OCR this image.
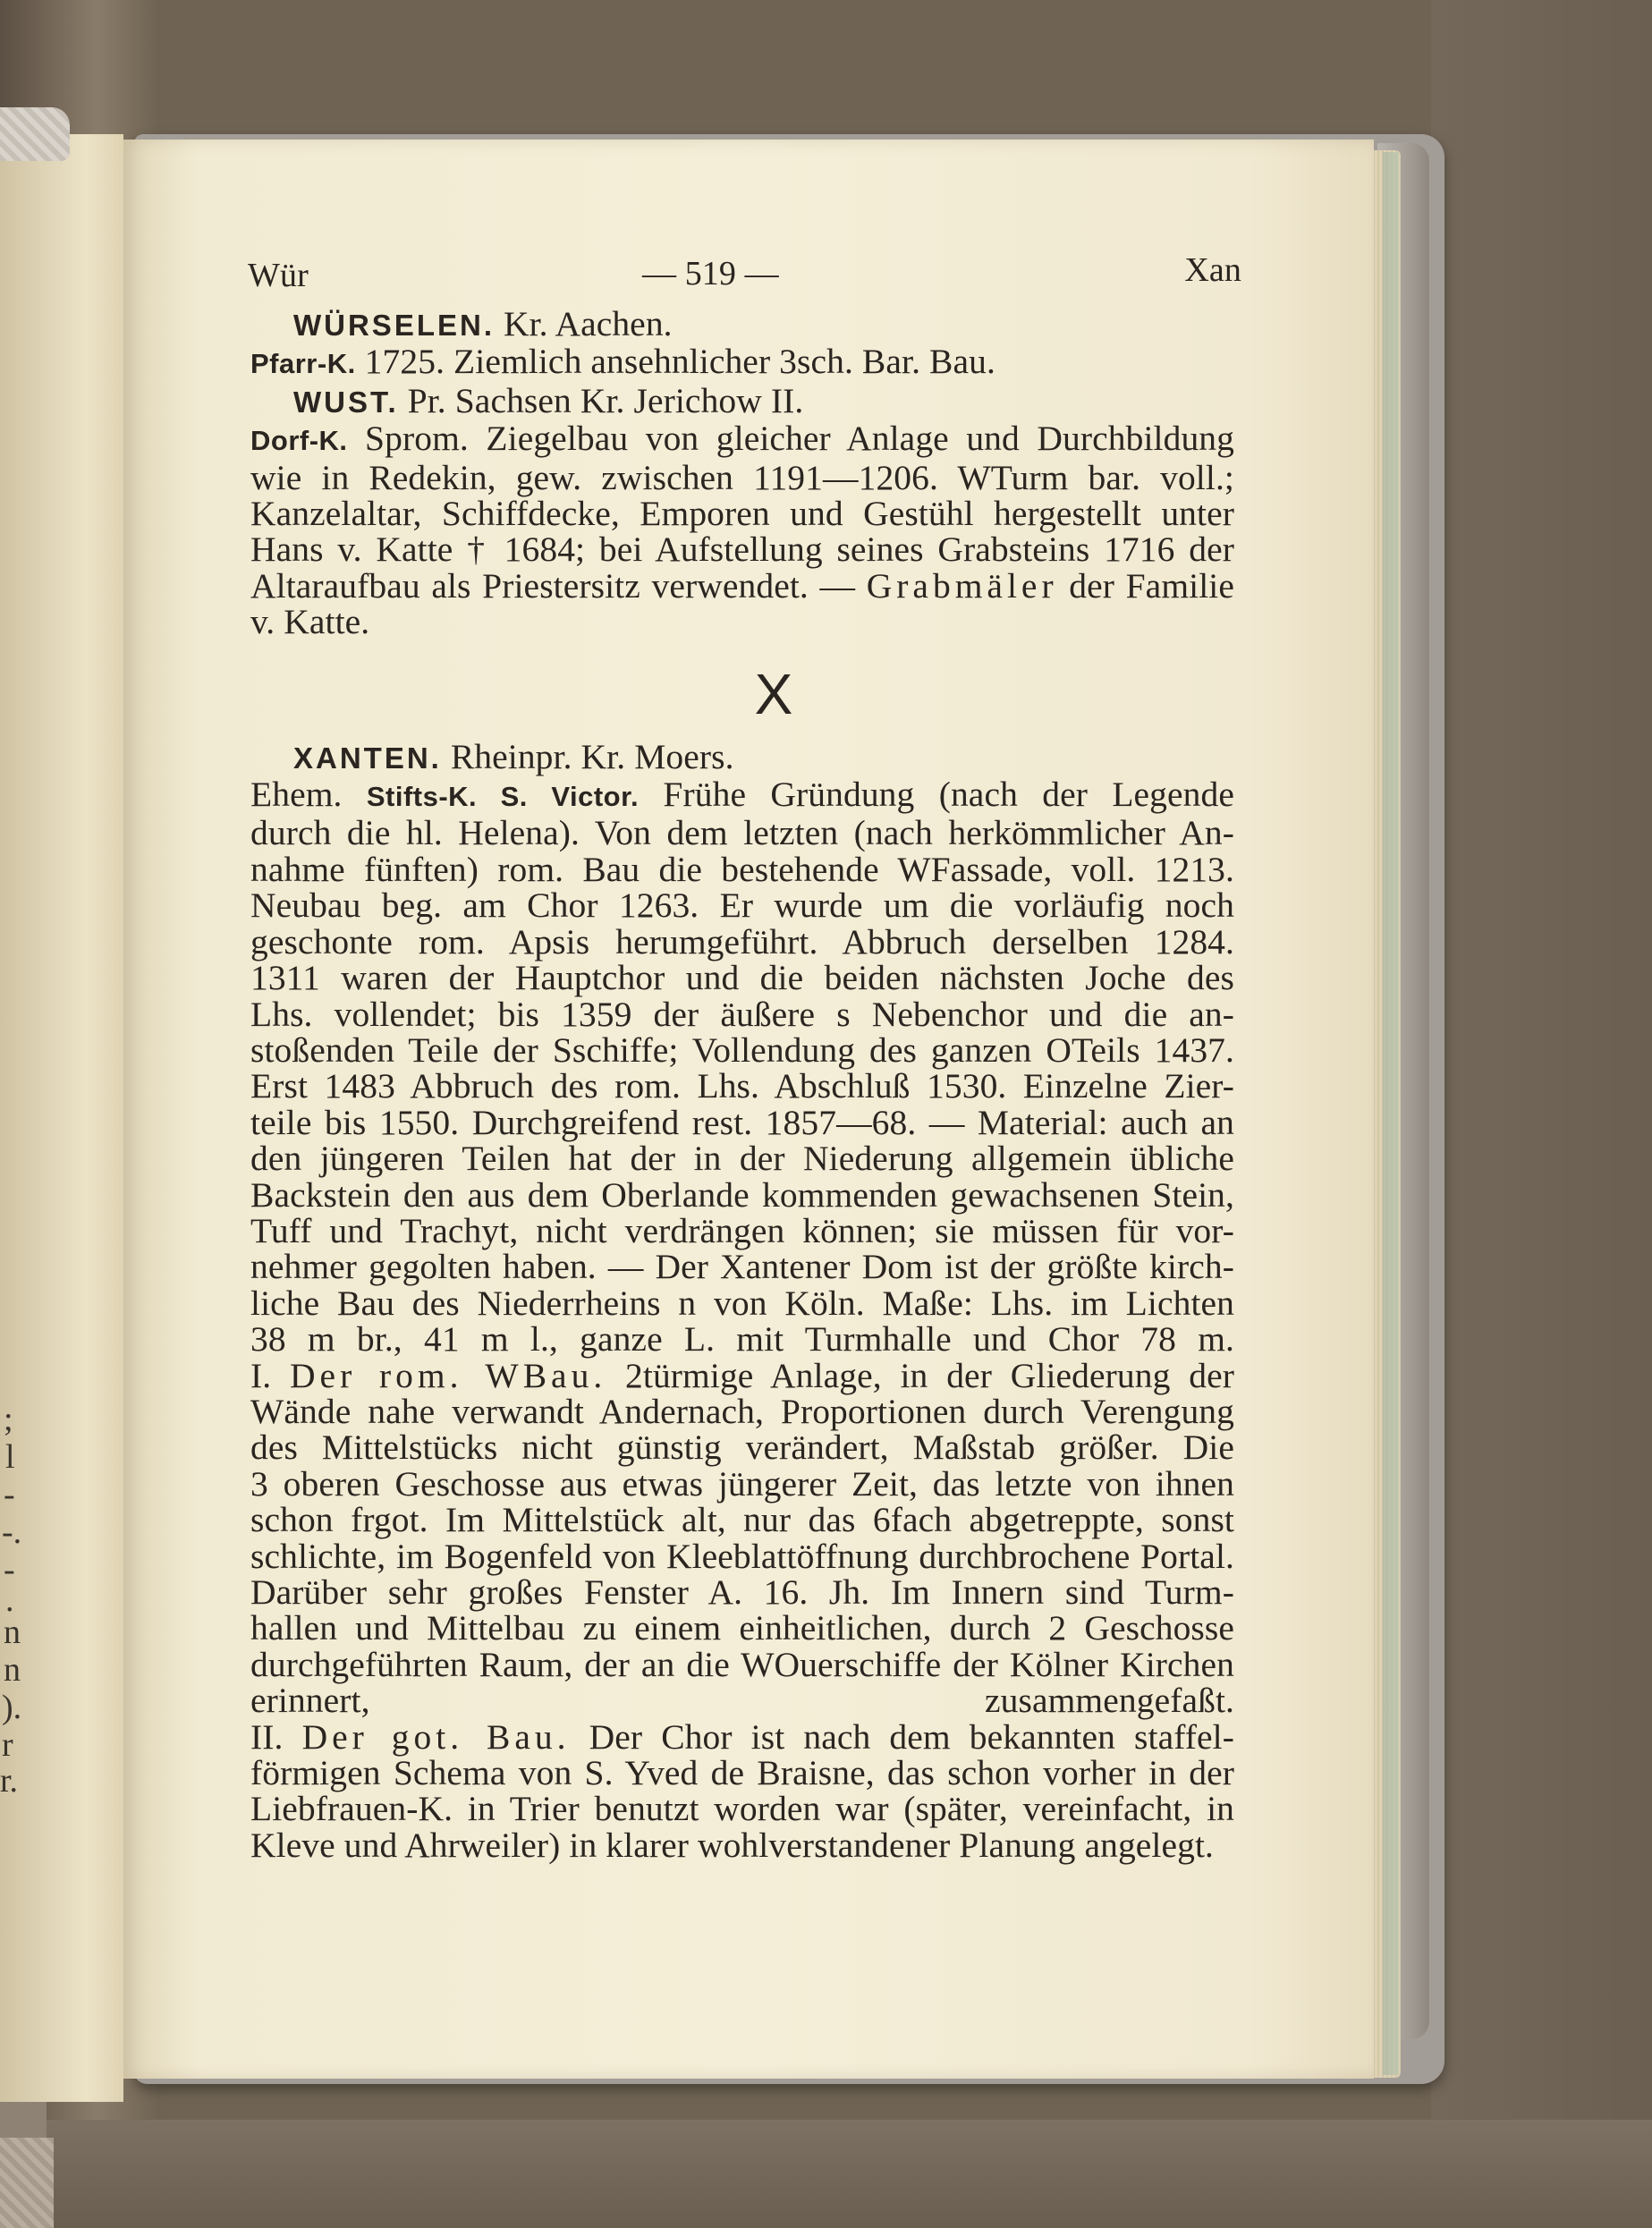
;
l
-
-.
-
.
n
n
).
r
r.
Wür	— 519 —	Xan
WÜRSELEN. Kr. Aachen.
Pfarr-K. 1725. Ziemlich ansehnlicher 3sch. Bar. Bau.
WUST. Pr. Sachsen Kr. Jerichow II.
Dorf-K. Sprom. Ziegelbau von gleicher Anlage und Durchbildung
wie in Redekin, gew. zwischen 1191—1206. WTurm bar. voll.;
Kanzelaltar, Schiffdecke, Emporen und Gestühl hergestellt unter
Hans v. Katte † 1684; bei Aufstellung seines Grabsteins 1716 der
Altaraufbau als Priestersitz verwendet. — Grabmäler der Familie
v. Katte.
X
XANTEN. Rheinpr. Kr. Moers.
Ehem. Stifts-K. S. Victor. Frühe Gründung (nach der Legende
durch die hl. Helena). Von dem letzten (nach herkömmlicher An-
nahme fünften) rom. Bau die bestehende WFassade, voll. 1213.
Neubau beg. am Chor 1263. Er wurde um die vorläufig noch
geschonte rom. Apsis herumgeführt. Abbruch derselben 1284.
1311 waren der Hauptchor und die beiden nächsten Joche des
Lhs. vollendet; bis 1359 der äußere s Nebenchor und die an-
stoßenden Teile der Sschiffe; Vollendung des ganzen OTeils 1437.
Erst 1483 Abbruch des rom. Lhs. Abschluß 1530. Einzelne Zier-
teile bis 1550. Durchgreifend rest. 1857—68. — Material: auch an
den jüngeren Teilen hat der in der Niederung allgemein übliche
Backstein den aus dem Oberlande kommenden gewachsenen Stein,
Tuff und Trachyt, nicht verdrängen können; sie müssen für vor-
nehmer gegolten haben. — Der Xantener Dom ist der größte kirch-
liche Bau des Niederrheins n von Köln. Maße: Lhs. im Lichten
38 m br., 41 m l., ganze L. mit Turmhalle und Chor 78 m.
I. Der rom. WBau. 2türmige Anlage, in der Gliederung der
Wände nahe verwandt Andernach, Proportionen durch Verengung
des Mittelstücks nicht günstig verändert, Maßstab größer. Die
3 oberen Geschosse aus etwas jüngerer Zeit, das letzte von ihnen
schon frgot. Im Mittelstück alt, nur das 6fach abgetreppte, sonst
schlichte, im Bogenfeld von Kleeblattöffnung durchbrochene Portal.
Darüber sehr großes Fenster A. 16. Jh. Im Innern sind Turm-
hallen und Mittelbau zu einem einheitlichen, durch 2 Geschosse
durchgeführten Raum, der an die WOuerschiffe der Kölner Kirchen
erinnert, zusammengefaßt.
II. Der got. Bau. Der Chor ist nach dem bekannten staffel-
förmigen Schema von S. Yved de Braisne, das schon vorher in der
Liebfrauen-K. in Trier benutzt worden war (später, vereinfacht, in
Kleve und Ahrweiler) in klarer wohlverstandener Planung angelegt.
